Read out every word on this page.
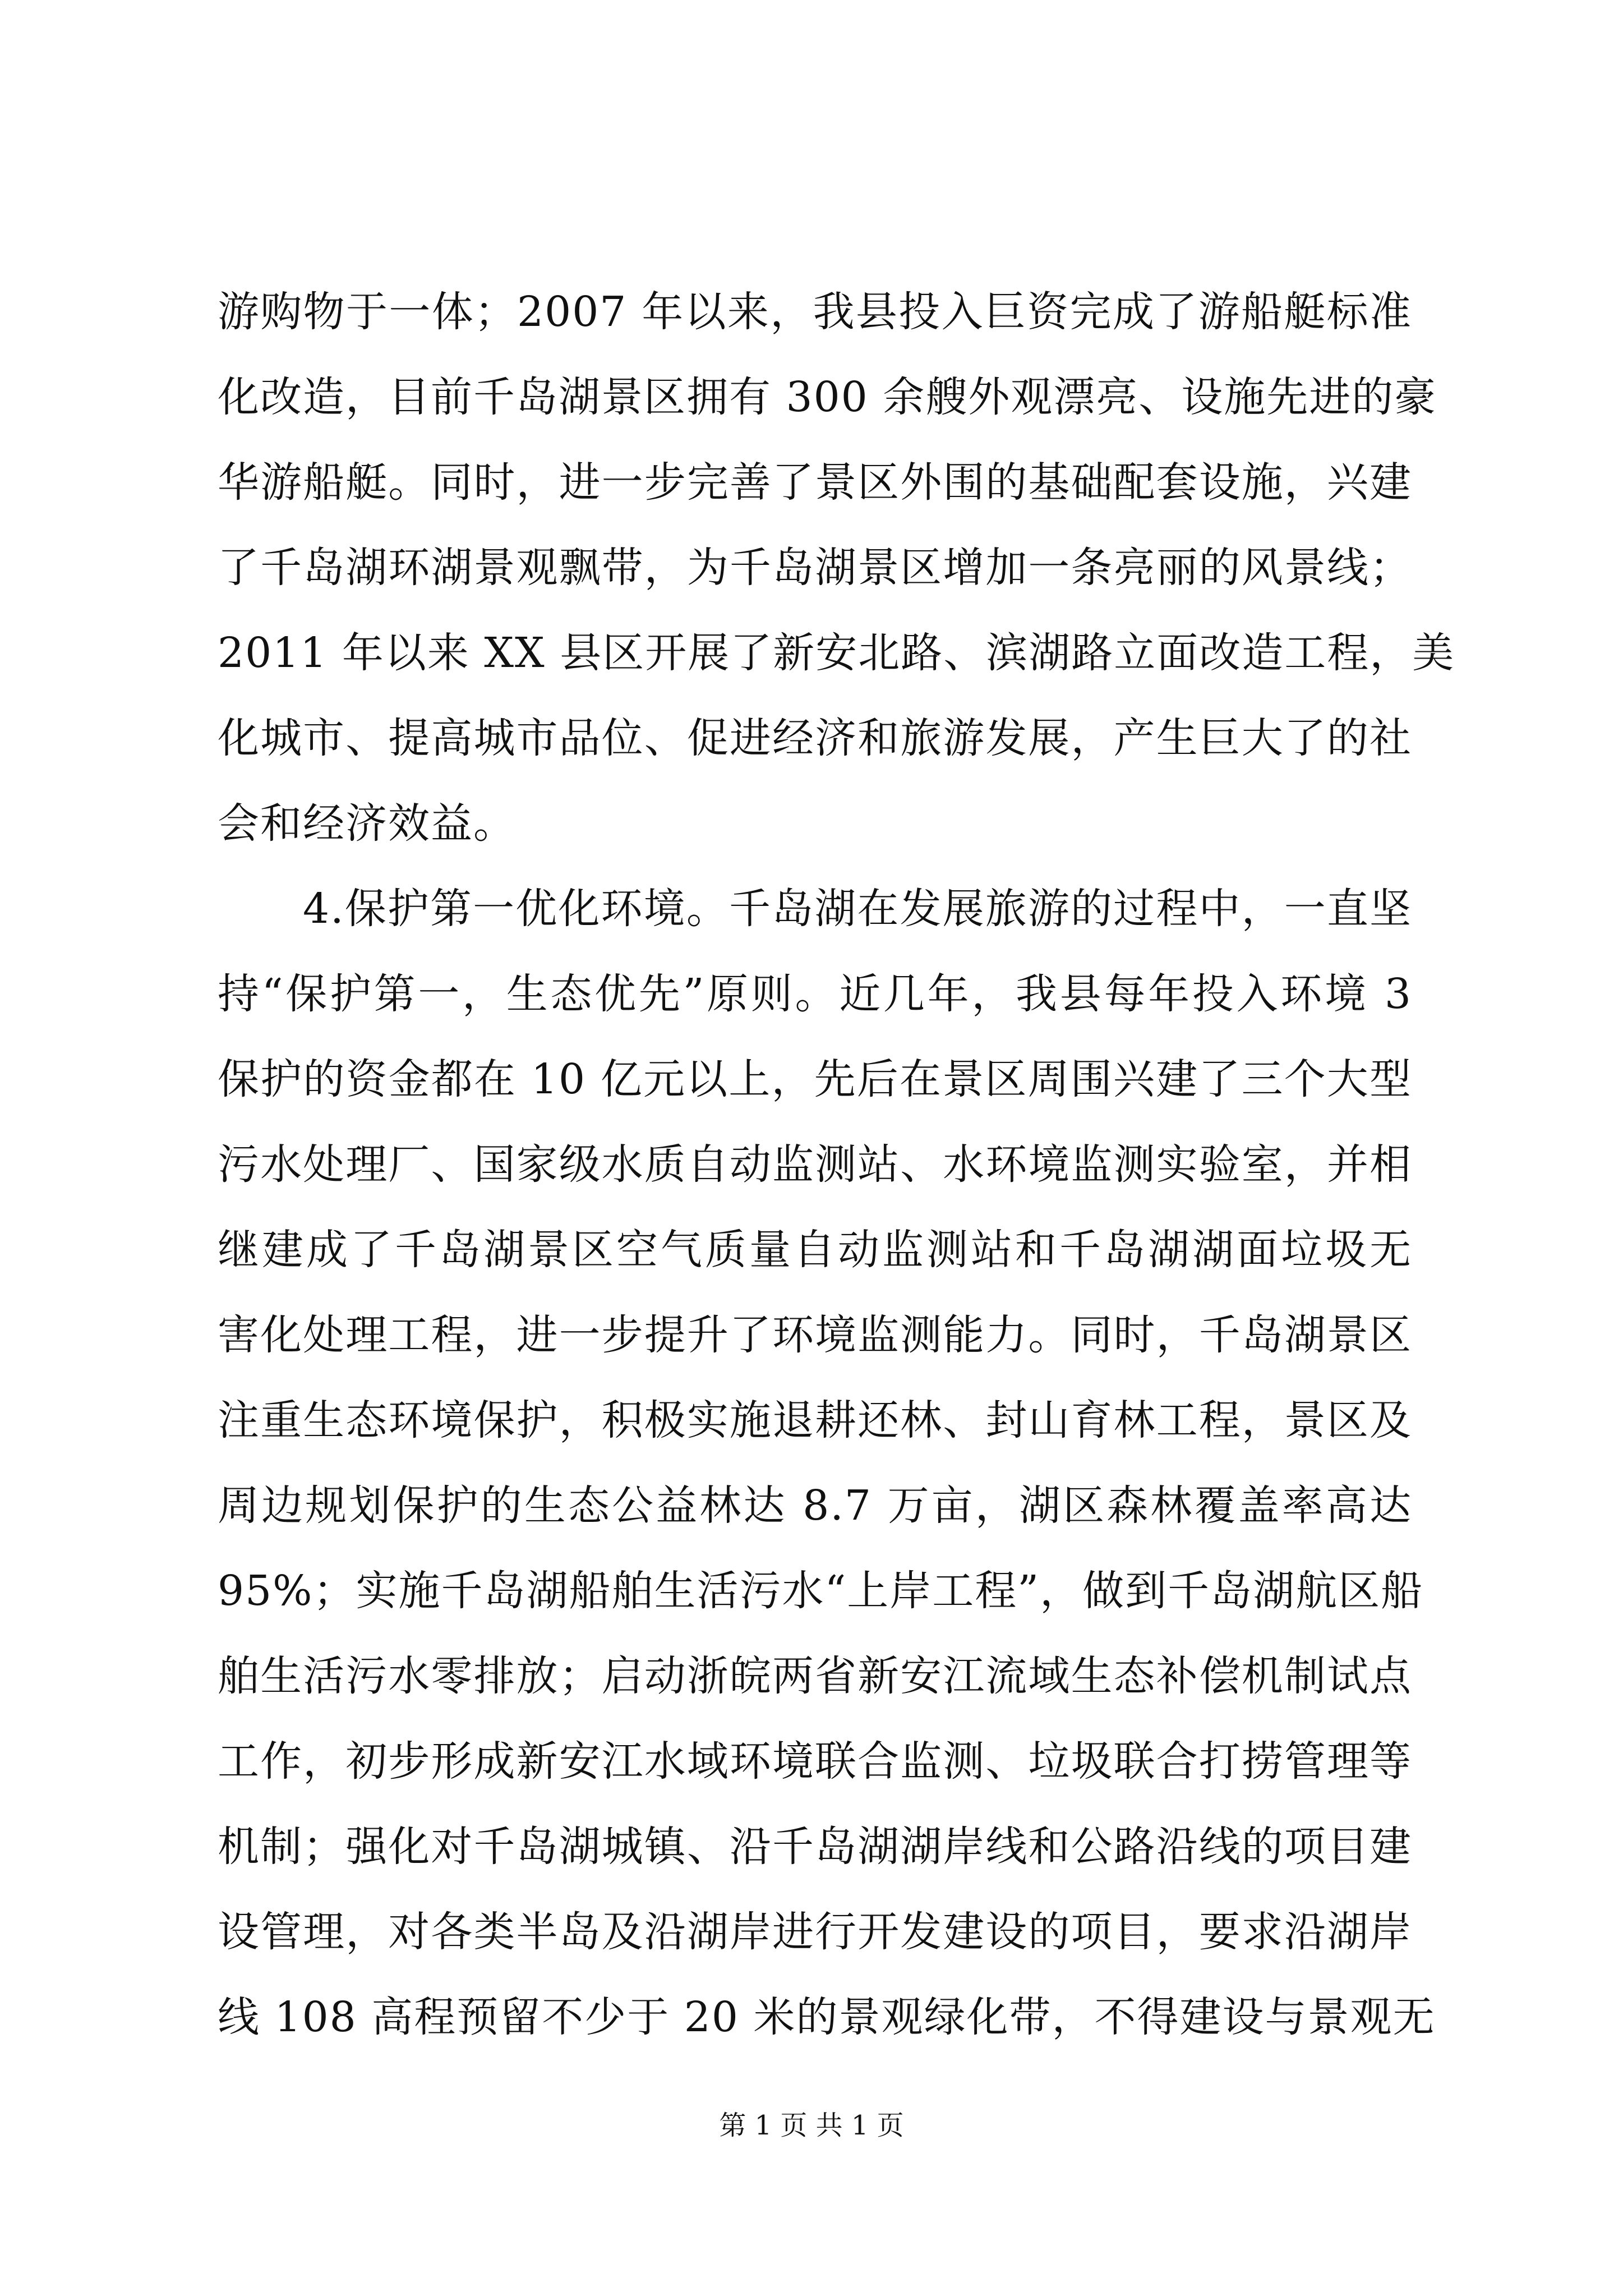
游购物于一体；2007 年以来，我县投入巨资完成了游船艇标准
化改造，目前千岛湖景区拥有 300 余艘外观漂亮、设施先进的豪
华游船艇。同时，进一步完善了景区外围的基础配套设施，兴建
了千岛湖环湖景观飘带，为千岛湖景区增加一条亮丽的风景线；
2011 年以来 XX 县区开展了新安北路、滨湖路立面改造工程，美
化城市、提高城市品位、促进经济和旅游发展，产生巨大了的社
会和经济效益。
4.保护第一优化环境。千岛湖在发展旅游的过程中，一直坚
持“保护第一，生态优先”原则。近几年，我县每年投入环境 3
保护的资金都在 10 亿元以上，先后在景区周围兴建了三个大型
污水处理厂、国家级水质自动监测站、水环境监测实验室，并相
继建成了千岛湖景区空气质量自动监测站和千岛湖湖面垃圾无
害化处理工程，进一步提升了环境监测能力。同时，千岛湖景区
注重生态环境保护，积极实施退耕还林、封山育林工程，景区及
周边规划保护的生态公益林达 8.7 万亩，湖区森林覆盖率高达
95%；实施千岛湖船舶生活污水“上岸工程”，做到千岛湖航区船
舶生活污水零排放；启动浙皖两省新安江流域生态补偿机制试点
工作，初步形成新安江水域环境联合监测、垃圾联合打捞管理等
机制；强化对千岛湖城镇、沿千岛湖湖岸线和公路沿线的项目建
设管理，对各类半岛及沿湖岸进行开发建设的项目，要求沿湖岸
线 108 高程预留不少于 20 米的景观绿化带，不得建设与景观无
第 1 页 共 1 页
